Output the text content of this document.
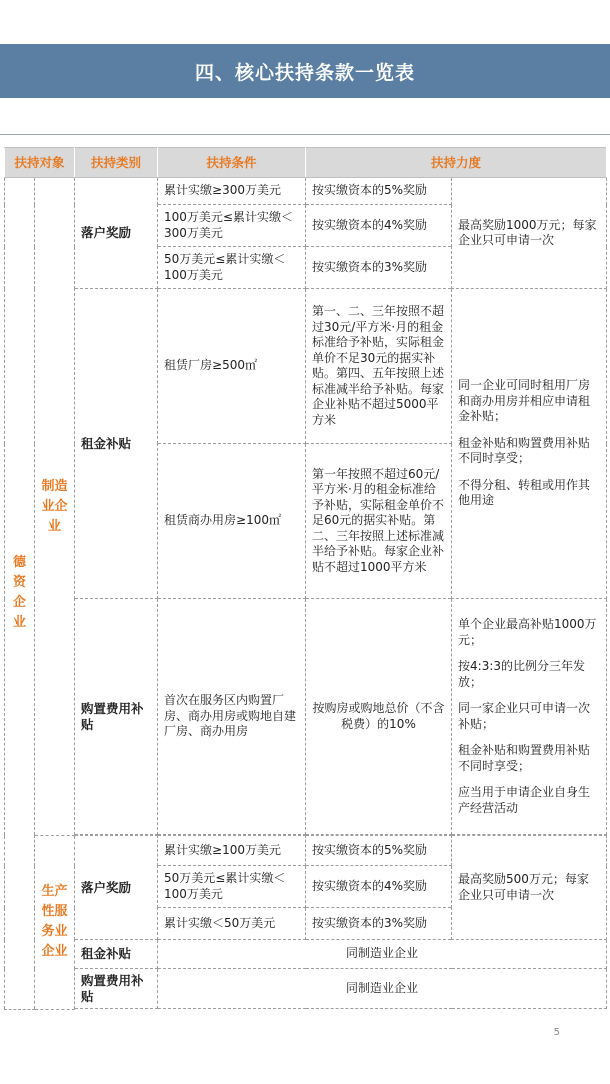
四、核心扶持条款一览表
扶持对象		扶持类别	扶持条件	扶持力度	
德资企业	制造业企业	落户奖励	累计实缴≥300万美元	按实缴资本的5%奖励	最高奖励1000万元；每家企业只可申请一次
			100万美元≤累计实缴＜300万美元	按实缴资本的4%奖励	
			50万美元≤累计实缴＜100万美元	按实缴资本的3%奖励	
		租金补贴	租赁厂房≥500㎡	第一、二、三年按照不超过30元/平方米·月的租金标准给予补贴，实际租金单价不足30元的据实补贴。第四、五年按照上述标准减半给予补贴。每家企业补贴不超过5000平方米	同一企业可同时租用厂房和商办用房并相应申请租金补贴；
租金补贴和购置费用补贴不同时享受；
不得分租、转租或用作其他用途
			租赁商办用房≥100㎡	第一年按照不超过60元/平方米·月的租金标准给予补贴，实际租金单价不足60元的据实补贴。第二、三年按照上述标准减半给予补贴。每家企业补贴不超过1000平方米	
		购置费用补贴	首次在服务区内购置厂房、商办用房或购地自建厂房、商办用房	按购房或购地总价（不含税费）的10%	单个企业最高补贴1000万元；
按4:3:3的比例分三年发放；
同一家企业只可申请一次补贴；
租金补贴和购置费用补贴不同时享受；
应当用于申请企业自身生产经营活动

	生产性服务业企业	落户奖励	累计实缴≥100万美元	按实缴资本的5%奖励	最高奖励500万元；每家企业只可申请一次
			50万美元≤累计实缴＜100万美元	按实缴资本的4%奖励	
			累计实缴＜50万美元	按实缴资本的3%奖励	
		租金补贴	同制造业企业		
		购置费用补贴	同制造业企业		

5
